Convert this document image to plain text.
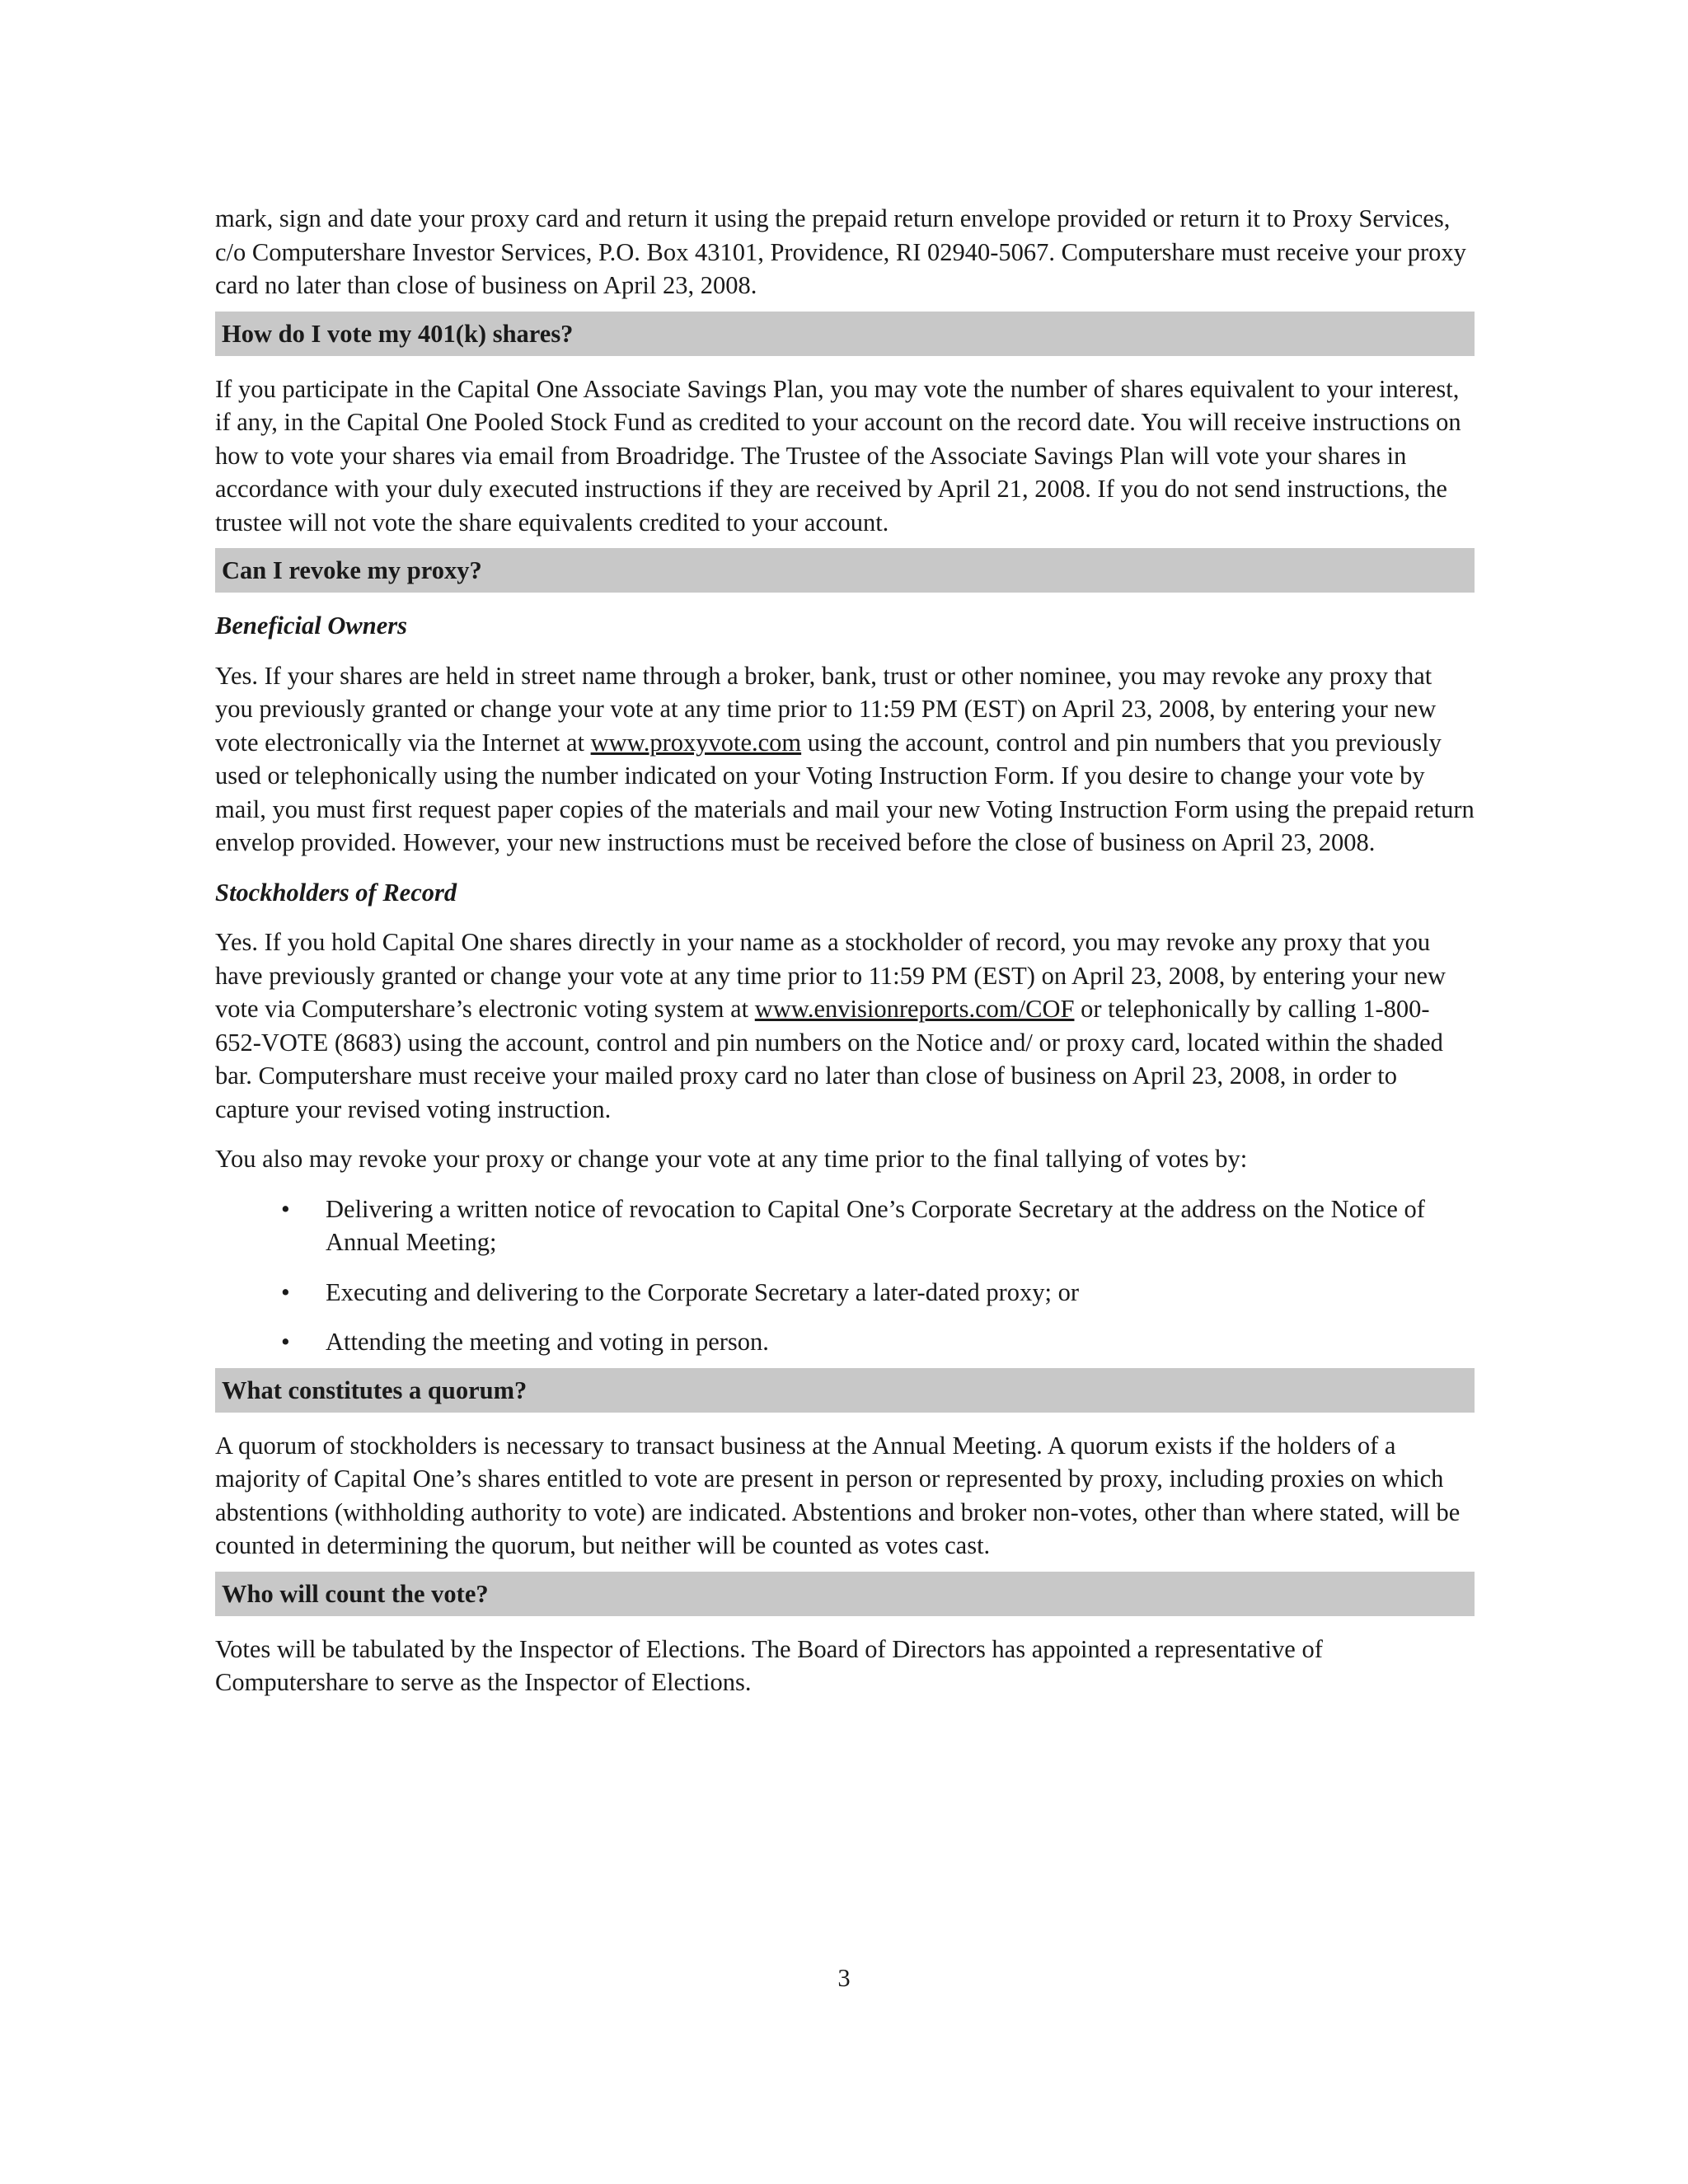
mark, sign and date your proxy card and return it using the prepaid return envelope provided or return it to Proxy Services, c/o Computershare Investor Services, P.O. Box 43101, Providence, RI 02940-5067. Computershare must receive your proxy card no later than close of business on April 23, 2008.

How do I vote my 401(k) shares?

If you participate in the Capital One Associate Savings Plan, you may vote the number of shares equivalent to your interest, if any, in the Capital One Pooled Stock Fund as credited to your account on the record date. You will receive instructions on how to vote your shares via email from Broadridge. The Trustee of the Associate Savings Plan will vote your shares in accordance with your duly executed instructions if they are received by April 21, 2008. If you do not send instructions, the trustee will not vote the share equivalents credited to your account.

Can I revoke my proxy?

Beneficial Owners

Yes. If your shares are held in street name through a broker, bank, trust or other nominee, you may revoke any proxy that you previously granted or change your vote at any time prior to 11:59 PM (EST) on April 23, 2008, by entering your new vote electronically via the Internet at www.proxyvote.com using the account, control and pin numbers that you previously used or telephonically using the number indicated on your Voting Instruction Form. If you desire to change your vote by mail, you must first request paper copies of the materials and mail your new Voting Instruction Form using the prepaid return envelop provided. However, your new instructions must be received before the close of business on April 23, 2008.

Stockholders of Record

Yes. If you hold Capital One shares directly in your name as a stockholder of record, you may revoke any proxy that you have previously granted or change your vote at any time prior to 11:59 PM (EST) on April 23, 2008, by entering your new vote via Computershare’s electronic voting system at www.envisionreports.com/COF or telephonically by calling 1-800-652-VOTE (8683) using the account, control and pin numbers on the Notice and/ or proxy card, located within the shaded bar. Computershare must receive your mailed proxy card no later than close of business on April 23, 2008, in order to capture your revised voting instruction.

You also may revoke your proxy or change your vote at any time prior to the final tallying of votes by:

• Delivering a written notice of revocation to Capital One’s Corporate Secretary at the address on the Notice of Annual Meeting;
• Executing and delivering to the Corporate Secretary a later-dated proxy; or
• Attending the meeting and voting in person.
What constitutes a quorum?

A quorum of stockholders is necessary to transact business at the Annual Meeting. A quorum exists if the holders of a majority of Capital One’s shares entitled to vote are present in person or represented by proxy, including proxies on which abstentions (withholding authority to vote) are indicated. Abstentions and broker non-votes, other than where stated, will be counted in determining the quorum, but neither will be counted as votes cast.

Who will count the vote?

Votes will be tabulated by the Inspector of Elections. The Board of Directors has appointed a representative of Computershare to serve as the Inspector of Elections.

3
